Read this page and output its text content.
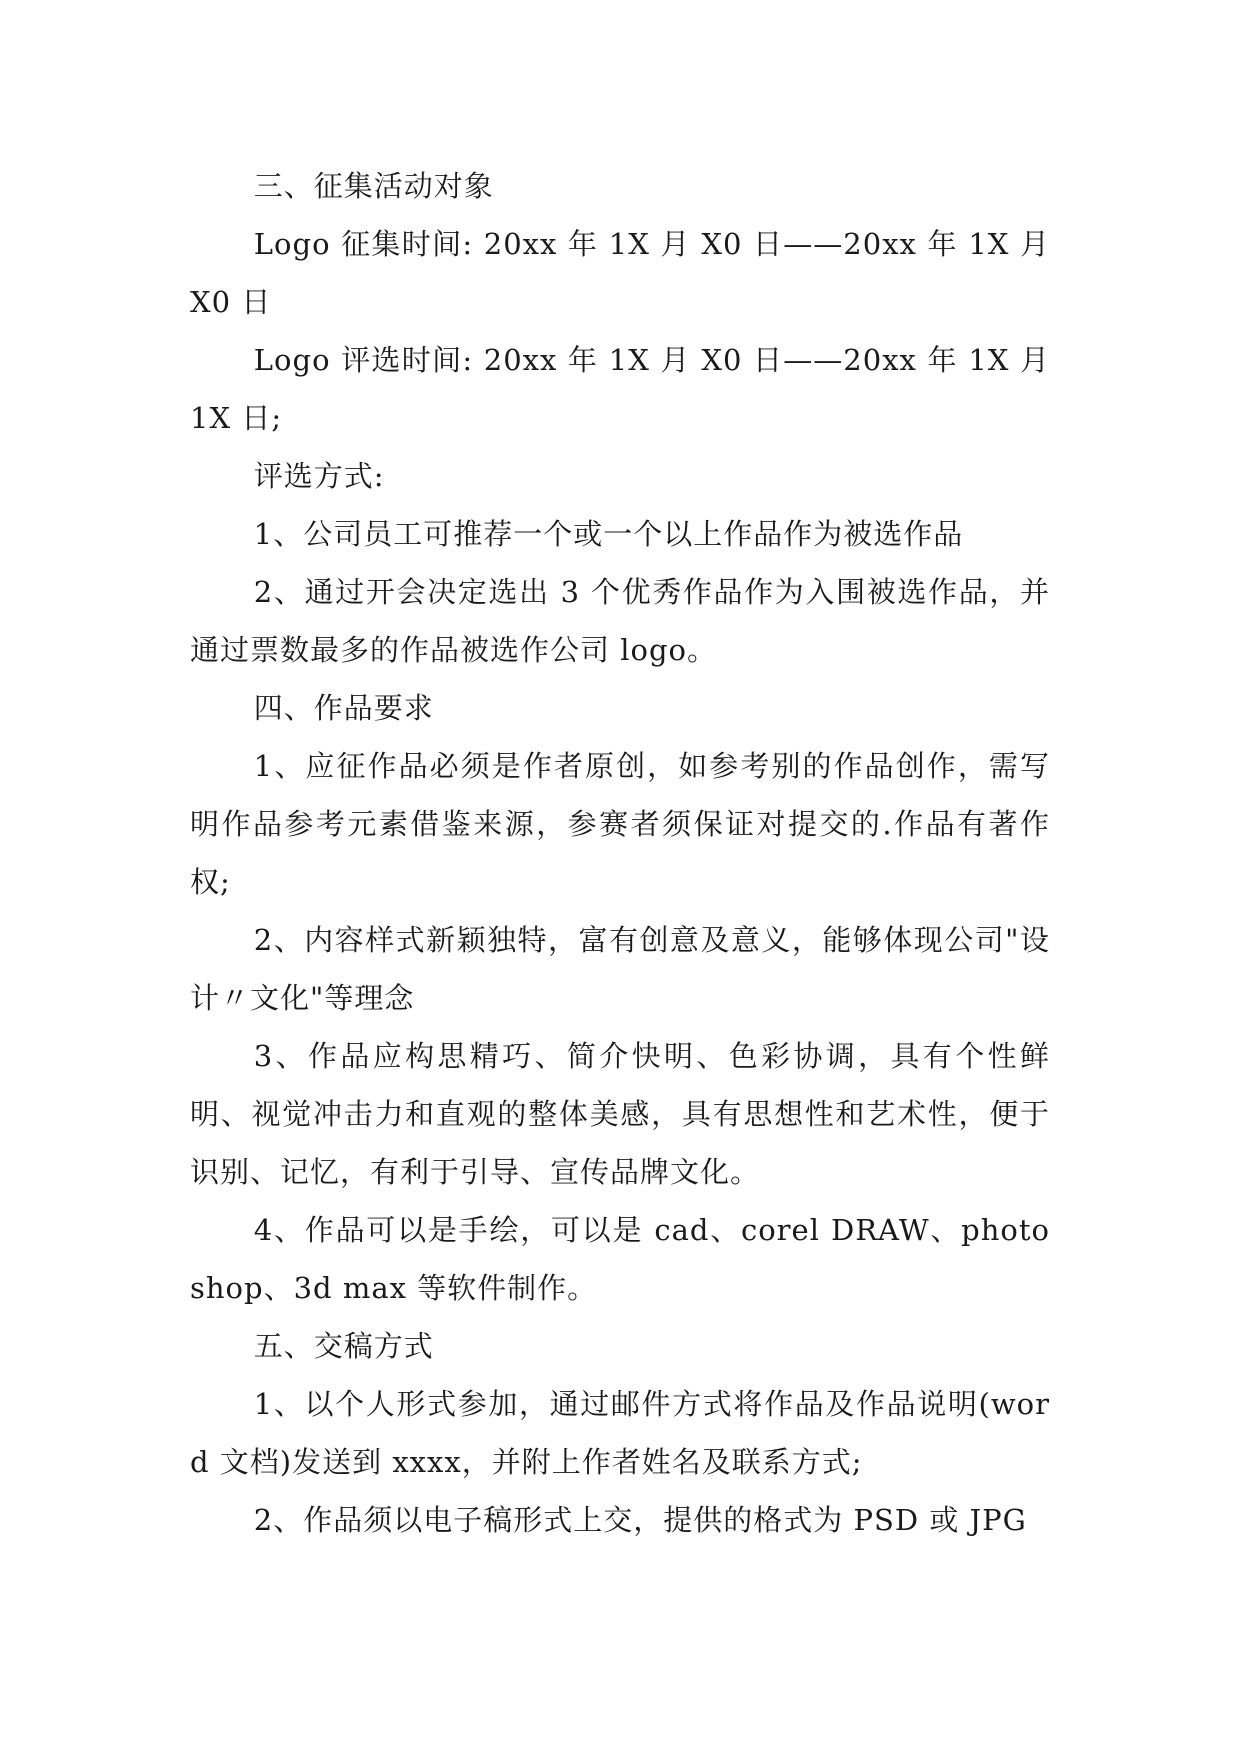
三、征集活动对象

Logo 征集时间: 20xx 年 1X 月 X0 日——20xx 年 1X 月 X0 日

Logo 评选时间: 20xx 年 1X 月 X0 日——20xx 年 1X 月 1X 日;

评选方式:

1、公司员工可推荐一个或一个以上作品作为被选作品

2、通过开会决定选出 3 个优秀作品作为入围被选作品，并通过票数最多的作品被选作公司 logo。

四、作品要求

1、应征作品必须是作者原创，如参考别的作品创作，需写明作品参考元素借鉴来源，参赛者须保证对提交的.作品有著作权;

2、内容样式新颖独特，富有创意及意义，能够体现公司"设计〃文化"等理念

3、作品应构思精巧、简介快明、色彩协调，具有个性鲜明、视觉冲击力和直观的整体美感，具有思想性和艺术性，便于识别、记忆，有利于引导、宣传品牌文化。

4、作品可以是手绘，可以是 cad、corel DRAW、photoshop、3d max 等软件制作。

五、交稿方式

1、以个人形式参加，通过邮件方式将作品及作品说明(word 文档)发送到 xxxx，并附上作者姓名及联系方式;

2、作品须以电子稿形式上交，提供的格式为 PSD 或 JPG
